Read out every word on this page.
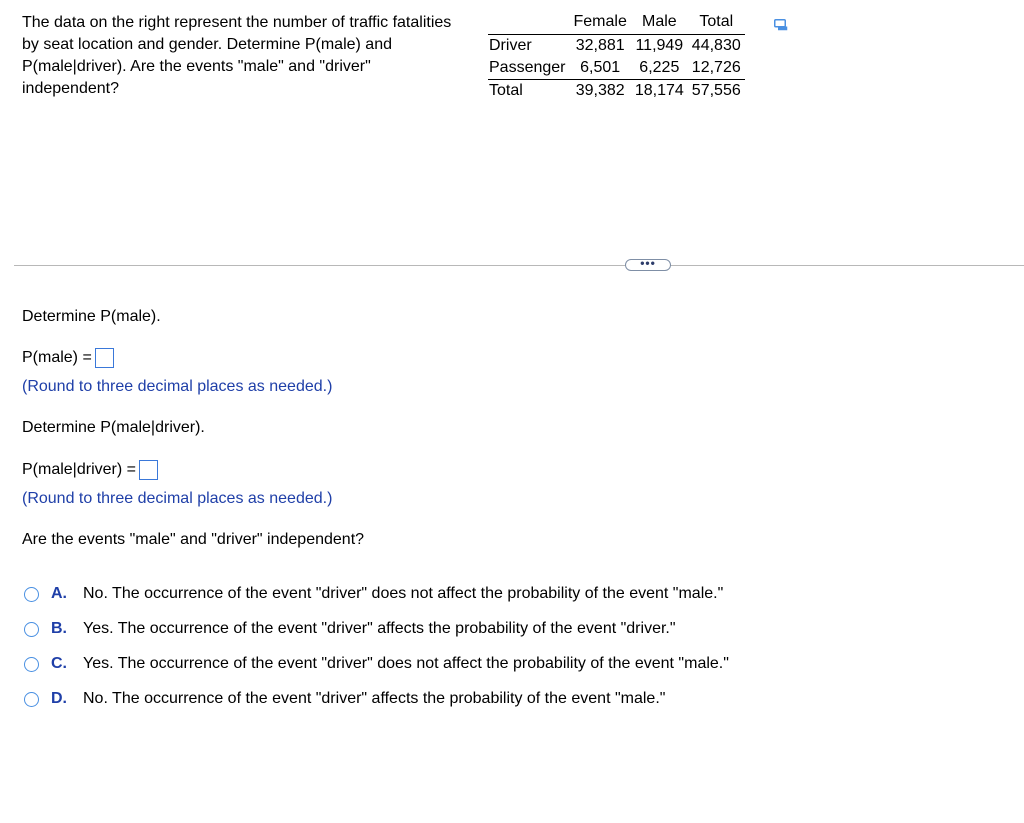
The data on the right represent the number of traffic fatalities by seat location and gender. Determine P(male) and P(male|driver). Are the events "male" and "driver" independent?

	Female	Male	Total
Driver	32,881	11,949	44,830
Passenger	6,501	6,225	12,726
Total	39,382	18,174	57,556
•••

Determine P(male).

P(male) =

(Round to three decimal places as needed.)

Determine P(male|driver).

P(male|driver) =

(Round to three decimal places as needed.)

Are the events "male" and "driver" independent?

A.	No. The occurrence of the event "driver" does not affect the probability of the event "male."
B.	Yes. The occurrence of the event "driver" affects the probability of the event "driver."
C.	Yes. The occurrence of the event "driver" does not affect the probability of the event "male."
D.	No. The occurrence of the event "driver" affects the probability of the event "male."
